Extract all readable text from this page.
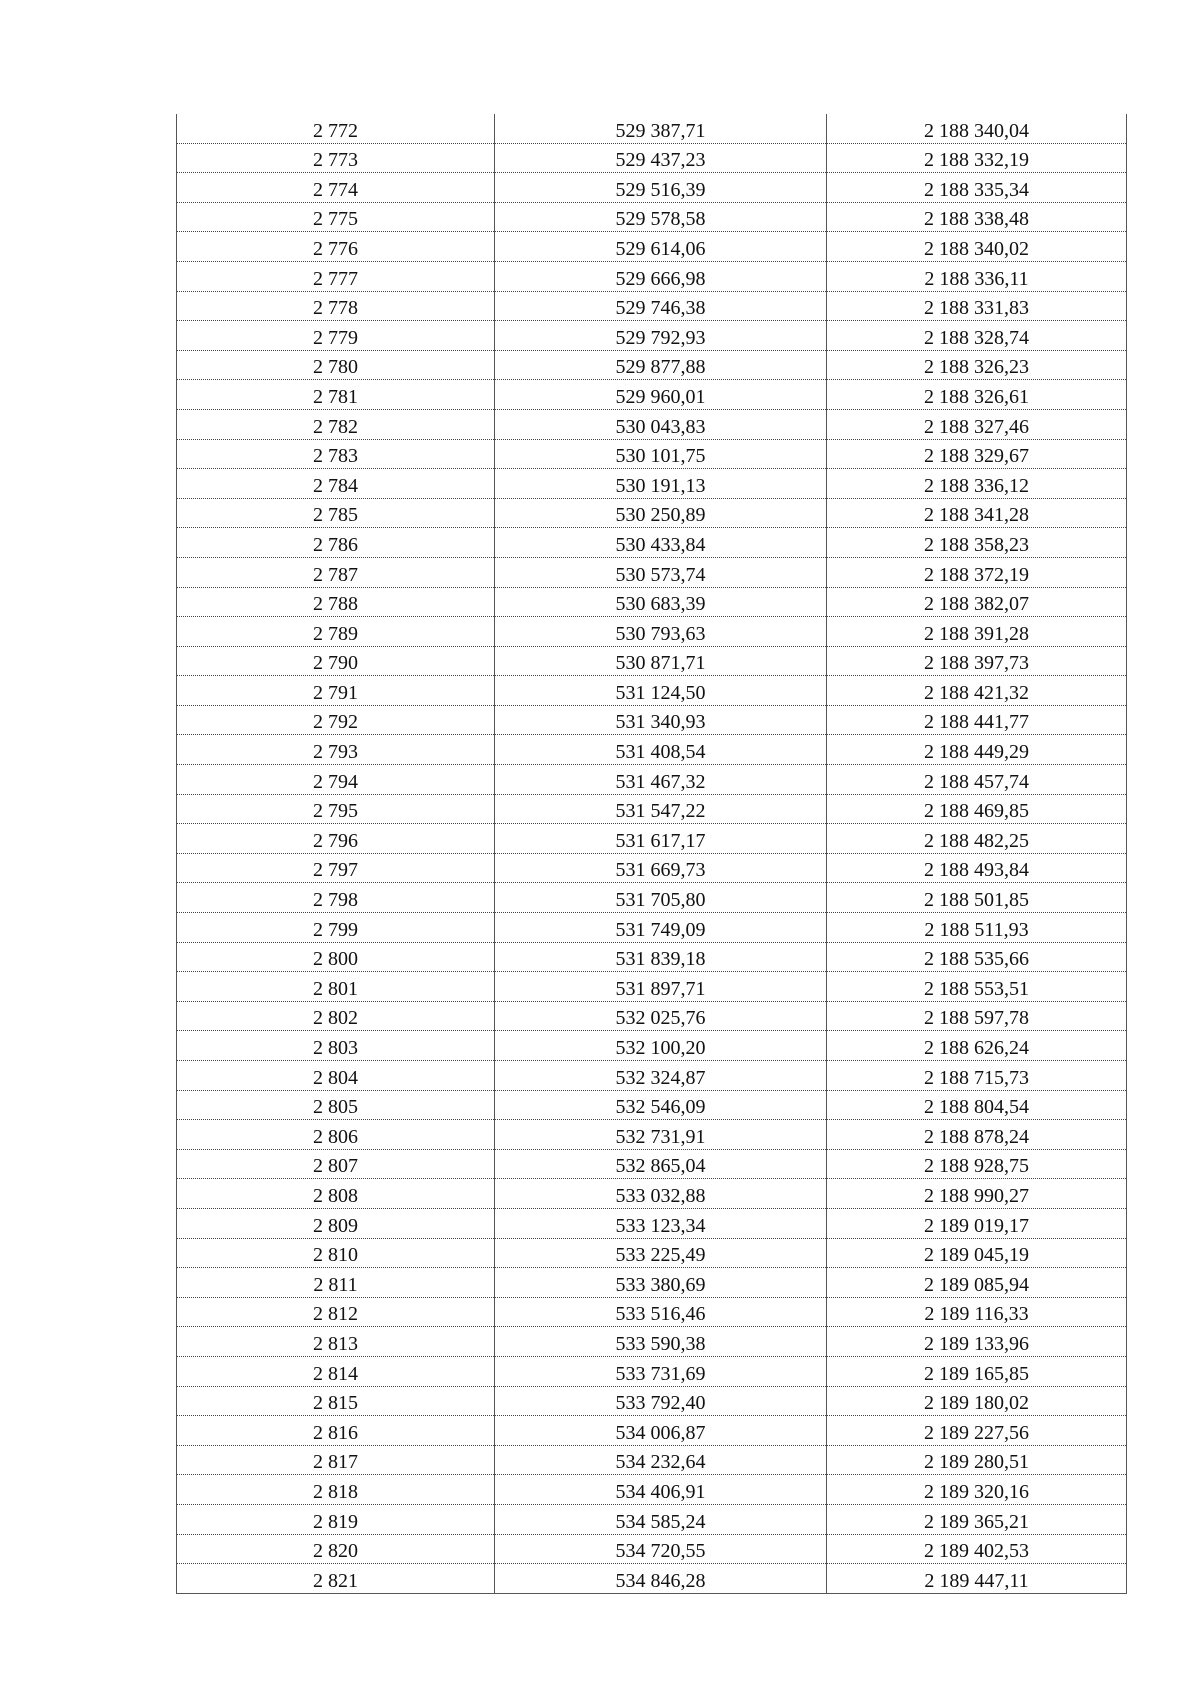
2 772	529 387,71	2 188 340,04
2 773	529 437,23	2 188 332,19
2 774	529 516,39	2 188 335,34
2 775	529 578,58	2 188 338,48
2 776	529 614,06	2 188 340,02
2 777	529 666,98	2 188 336,11
2 778	529 746,38	2 188 331,83
2 779	529 792,93	2 188 328,74
2 780	529 877,88	2 188 326,23
2 781	529 960,01	2 188 326,61
2 782	530 043,83	2 188 327,46
2 783	530 101,75	2 188 329,67
2 784	530 191,13	2 188 336,12
2 785	530 250,89	2 188 341,28
2 786	530 433,84	2 188 358,23
2 787	530 573,74	2 188 372,19
2 788	530 683,39	2 188 382,07
2 789	530 793,63	2 188 391,28
2 790	530 871,71	2 188 397,73
2 791	531 124,50	2 188 421,32
2 792	531 340,93	2 188 441,77
2 793	531 408,54	2 188 449,29
2 794	531 467,32	2 188 457,74
2 795	531 547,22	2 188 469,85
2 796	531 617,17	2 188 482,25
2 797	531 669,73	2 188 493,84
2 798	531 705,80	2 188 501,85
2 799	531 749,09	2 188 511,93
2 800	531 839,18	2 188 535,66
2 801	531 897,71	2 188 553,51
2 802	532 025,76	2 188 597,78
2 803	532 100,20	2 188 626,24
2 804	532 324,87	2 188 715,73
2 805	532 546,09	2 188 804,54
2 806	532 731,91	2 188 878,24
2 807	532 865,04	2 188 928,75
2 808	533 032,88	2 188 990,27
2 809	533 123,34	2 189 019,17
2 810	533 225,49	2 189 045,19
2 811	533 380,69	2 189 085,94
2 812	533 516,46	2 189 116,33
2 813	533 590,38	2 189 133,96
2 814	533 731,69	2 189 165,85
2 815	533 792,40	2 189 180,02
2 816	534 006,87	2 189 227,56
2 817	534 232,64	2 189 280,51
2 818	534 406,91	2 189 320,16
2 819	534 585,24	2 189 365,21
2 820	534 720,55	2 189 402,53
2 821	534 846,28	2 189 447,11
